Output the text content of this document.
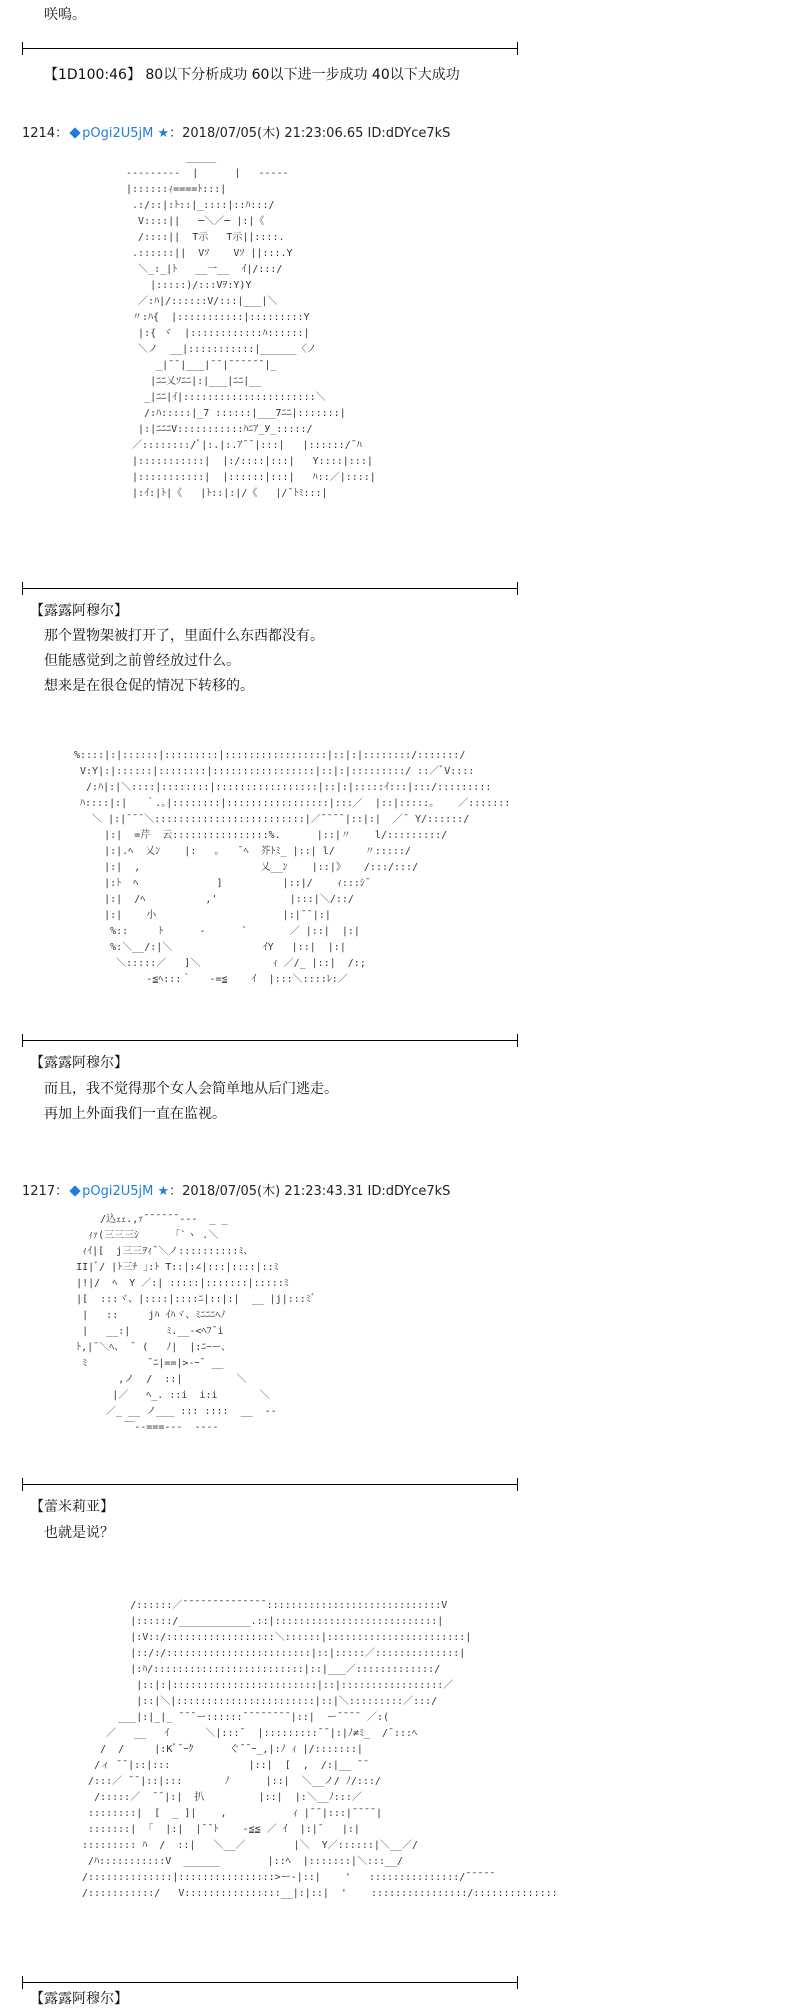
咲嗚。
【1D100:46】 80以下分析成功 60以下进一步成功 40以下大成功
1214： pOgi2U5jM ★：2018/07/05(木) 21:23:06.65 ID:dDYce7kS
_____
---------  |      |   -----
|::::::ｨ====ﾄ:::|
.:/::|:ﾄ::|_::::|::ﾊ:::/
V::::||   ─＼／─ |:|《
/::::||  T示   T示||::::.
.::::::||  Vｿ    Vｿ ||:::.Y
＼_:_|ﾄ   __一__  ｲ|/:::/
|:::::)/:::Vｦ:Y)Y
／:ﾊ|/::::::V/:::|___|＼
〃:ﾊ{  |:::::::::::|:::::::::Y
|:{ ヾ  |::::::::::::ﾊ::::::|
＼ノ  __|:::::::::::|______〈ノ
_|¯¯|___|¯¯|¯¯¯¯¯¯|_
|ﾆﾆ乂ｿﾆﾆ|:|___|ﾆﾆ|__
_|ﾆﾆ|ｲ|::::::::::::::::::::::＼
/:ﾊ:::::|_7 ::::::|___7ﾆﾆ|:::::::|
|:|ﾆﾆﾆV:::::::::::ﾊﾆｱ_У_:::::/
／::::::::/ﾞ|:.|:.ｱ¯¯|:::|   |::::::/¯ﾊ
|:::::::::::|  |:/::::|:::|   Y::::|:::|
|:::::::::::|  |::::::|:::|   ﾊ::／|::::|
|:ｲ:|ﾄ|《   |ﾄ::|:|/《   |/¯ﾄﾐ:::|
【露露阿穆尔】
那个置物架被打开了，里面什么东西都没有。
但能感觉到之前曾经放过什么。
想来是在很仓促的情况下转移的。
%::::|:|::::::|:::::::::|:::::::::::::::::|::|:|::::::::/:::::::/
V:Y|:|::::::|::::::::|:::::::::::::::::|::|:|:::::::::/ ::／ﾞV::::
/:ﾊ|:|＼::::|::::::::|:::::::::::::::::|::|:|:::::ｲ:::|:::/:::::::::
ﾊ::::|:|   ｀.｡|::::::::|:::::::::::::::::|:::／  |::|:::::｡    ／:::::::
＼ |:|¯¯¯＼:::::::::::::::::::::::::|／¯¯¯¯|::|:|  ／¯ Y/::::::/
|:|  =芹  云::::::::::::::::%.      |::|〃    l/:::::::::/
|:|.ﾍ  乂ﾝ    |:   ｡   ¯ﾍ  芥ﾄﾐ_ |::| l/     〃:::::/
|:|  ,                    乂__ﾝ    |::|》   /:::/:::/
|:ﾄ  ﾍ             ]          |::|/    ｨ:::ｼ¯
|:|  /ﾍ          ,'            |:::|＼/::/
|:|    小                     |:|¯¯|:|
%::     ﾄ      -      `       ／ |::|  |:|
%:＼__/:|＼               ｲY   |::|  |:|
＼:::::／   ]＼            ｨ ／/_ |::|  /:;
-≦ﾍ:::｀   -=≦    ｲ  |:::＼::::ﾚ:／
【露露阿穆尔】
而且，我不觉得那个女人会简单地从后门逃走。
再加上外面我们一直在监视。
1217： pOgi2U5jM ★：2018/07/05(木) 21:23:43.31 ID:dDYce7kS
/込ｪｪ.,ｧ¯¯¯¯¯¯---  _ _
ｨｧ(三三三ｼ      ｢`ヽ .＼
ｨｲ|[  j三三ｦｨ¯＼ノ::::::::::ﾐ、
II|ﾞ/ |ﾄ三ﾁ ｣:ﾄ T::|:∠|:::|::::|::ﾐ
|!|/  ﾍ  Y ／:| :::::|:::::::|:::::ﾐ
|[  :::ヾ、|::::|::::ﾆ|::|:|  __ |j|:::ﾐﾞ
|   ::     jﾊ ｲﾊヾ、ﾐﾆﾆﾆﾍﾉ
|   __:|      ﾐ.__-<ﾍﾌ¯i
ﾄ,|¯＼ﾍ、 ¯ (   ﾉ|  |:ﾆｰー、
ﾐ          ¯ﾆ|==|>-ｰ¯ __
,ノ  /  ::|         ＼
|／   ﾍ_. ::i  i:i       ＼
／_ __ ノ___ ::: ::::  __  --
￣--===---  ----
【蕾米莉亚】
也就是说？
/::::::／¯¯¯¯¯¯¯¯¯¯¯¯¯¯:::::::::::::::::::::::::::::V
|::::::/____________.::|:::::::::::::::::::::::::::|
|:V::/::::::::::::::::::＼::::::|:::::::::::::::::::::::|
|::/:/::::::::::::::::::::::::|::|:::::／::::::::::::::|
|:ﾊ/:::::::::::::::::::::::::|::|___／:::::::::::::/
|::|:|::::::::::::::::::::::::|::|:::::::::::::::::／
|::|＼|:::::::::::::::::::::::|::|＼:::::::::／:::/
___|:|_|_ ¯¯¯ー::::::¯¯¯¯¯¯¯¯|::|  ー¯¯¯¯ ／:(
／   __   ｲ      ＼|:::¯  |:::::::::¯¯|:|ﾉ≠ﾐ_  /¯:::ﾍ
/  /     |:Kﾞ¯ｰｸ      ぐ¯¯ｰ_,|:ﾉ ｨ |/:::::::|
/ィ ¯¯|::|:::             |::|  [  ,  /:|__ ¯¯
/:::／ ¯¯|::|:::       ﾉ      |::|  ＼__ノ/ ﾉ/:::/
/:::::／  ¯¯|:|  扒         |::|  |:＼__ﾉ:::／
::::::::|  [  _ ]|    ,           ｨ |¯¯|:::|¯¯¯¯|
:::::::|  ｢  |:|  |¯¯ﾄ    -≦≦ ／ ｲ  |:|¯   |:|
::::::::: ﾊ  /  ::|   ＼__／        |＼  Y／::::::|＼__／/
/ﾊ:::::::::::V  ______        |::ﾍ  |:::::::|＼:::__/
/::::::::::::::|::::::::::::::::>ー-|::|    '   :::::::::::::::/¯¯¯¯¯
/:::::::::::/   V::::::::::::::::__|:|::|  '    ::::::::::::::::/::::::::::::::
【露露阿穆尔】
